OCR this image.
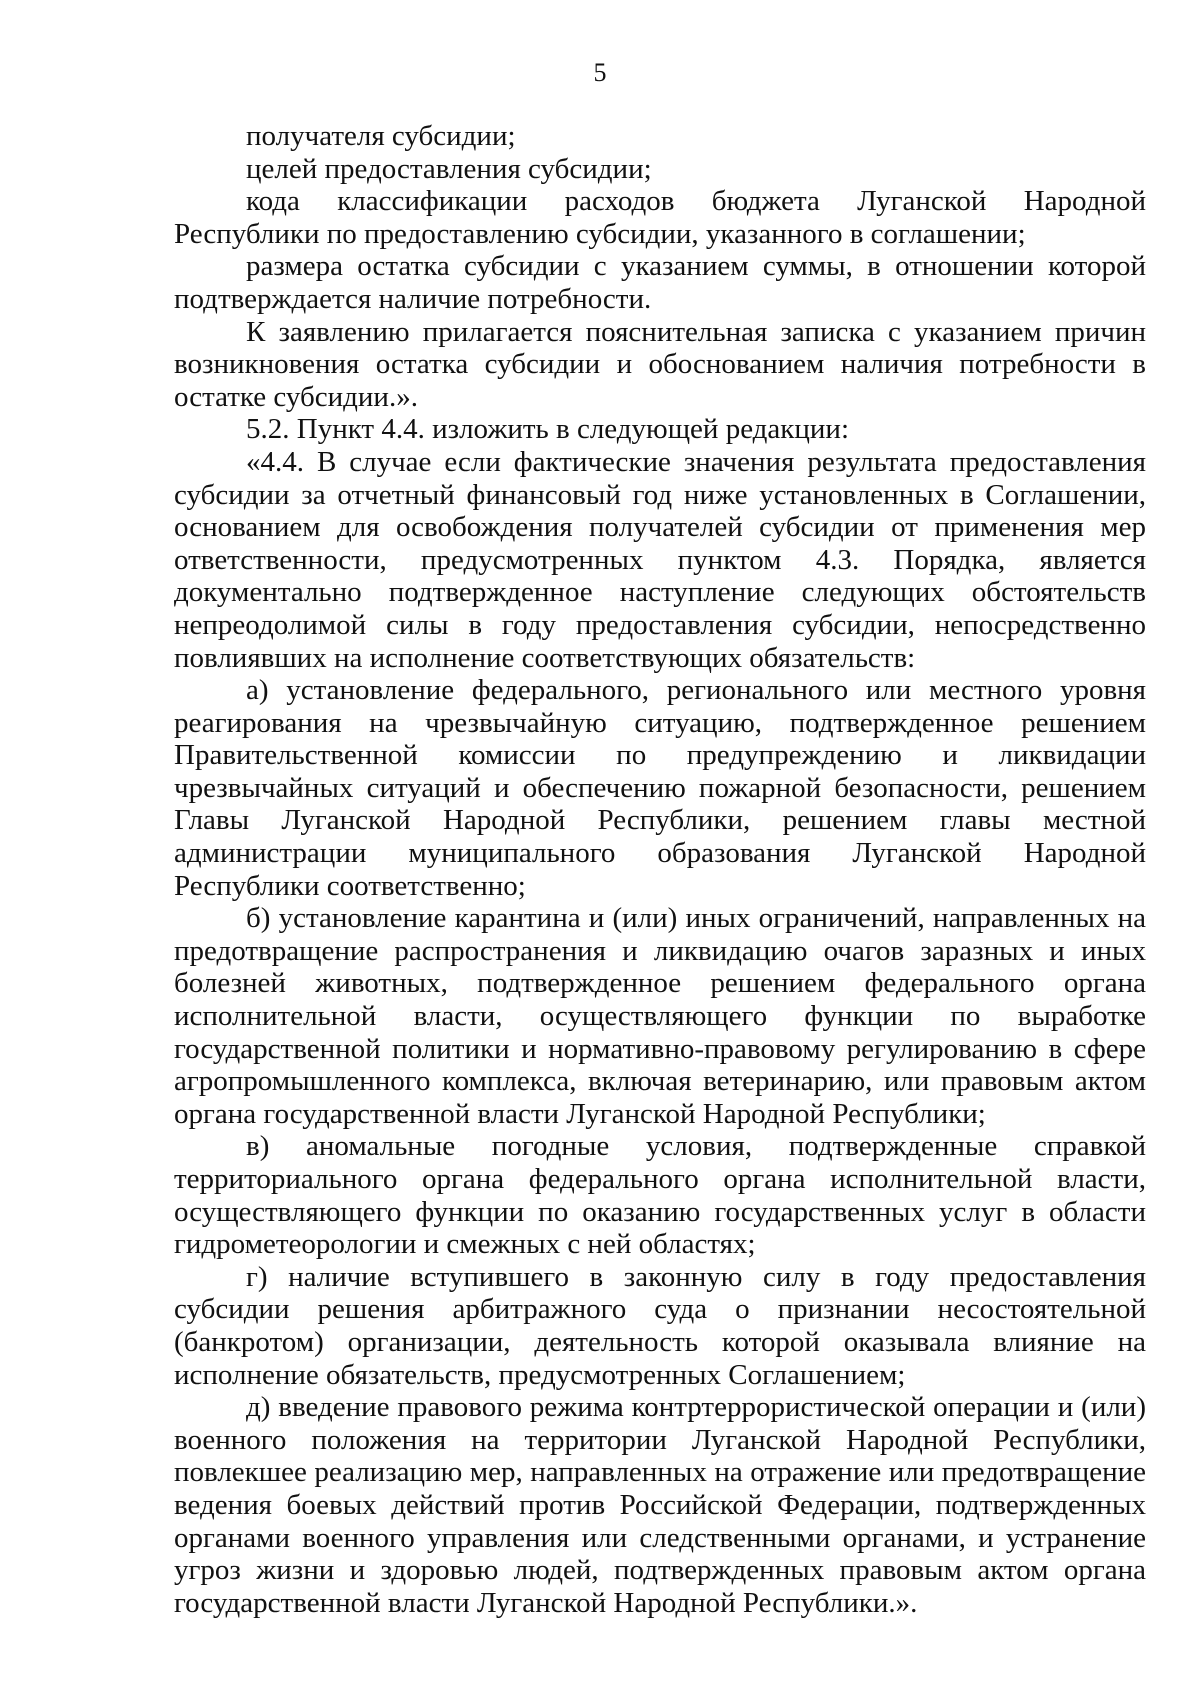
5

получателя субсидии;

целей предоставления субсидии;

кода классификации расходов бюджета Луганской Народной Республики по предоставлению субсидии, указанного в соглашении;

размера остатка субсидии с указанием суммы, в отношении которой подтверждается наличие потребности.

К заявлению прилагается пояснительная записка с указанием причин возникновения остатка субсидии и обоснованием наличия потребности в остатке субсидии.».

5.2. Пункт 4.4. изложить в следующей редакции:

«4.4. В случае если фактические значения результата предоставления субсидии за отчетный финансовый год ниже установленных в Соглашении, основанием для освобождения получателей субсидии от применения мер ответственности, предусмотренных пунктом 4.3. Порядка, является документально подтвержденное наступление следующих обстоятельств непреодолимой силы в году предоставления субсидии, непосредственно повлиявших на исполнение соответствующих обязательств:

а) установление федерального, регионального или местного уровня реагирования на чрезвычайную ситуацию, подтвержденное решением Правительственной комиссии по предупреждению и ликвидации чрезвычайных ситуаций и обеспечению пожарной безопасности, решением Главы Луганской Народной Республики, решением главы местной администрации муниципального образования Луганской Народной Республики соответственно;

б) установление карантина и (или) иных ограничений, направленных на предотвращение распространения и ликвидацию очагов заразных и иных болезней животных, подтвержденное решением федерального органа исполнительной власти, осуществляющего функции по выработке государственной политики и нормативно-правовому регулированию в сфере агропромышленного комплекса, включая ветеринарию, или правовым актом органа государственной власти Луганской Народной Республики;

в) аномальные погодные условия, подтвержденные справкой территориального органа федерального органа исполнительной власти, осуществляющего функции по оказанию государственных услуг в области гидрометеорологии и смежных с ней областях;

г) наличие вступившего в законную силу в году предоставления субсидии решения арбитражного суда о признании несостоятельной (банкротом) организации, деятельность которой оказывала влияние на исполнение обязательств, предусмотренных Соглашением;

д) введение правового режима контртеррористической операции и (или) военного положения на территории Луганской Народной Республики, повлекшее реализацию мер, направленных на отражение или предотвращение ведения боевых действий против Российской Федерации, подтвержденных органами военного управления или следственными органами, и устранение угроз жизни и здоровью людей, подтвержденных правовым актом органа государственной власти Луганской Народной Республики.».
